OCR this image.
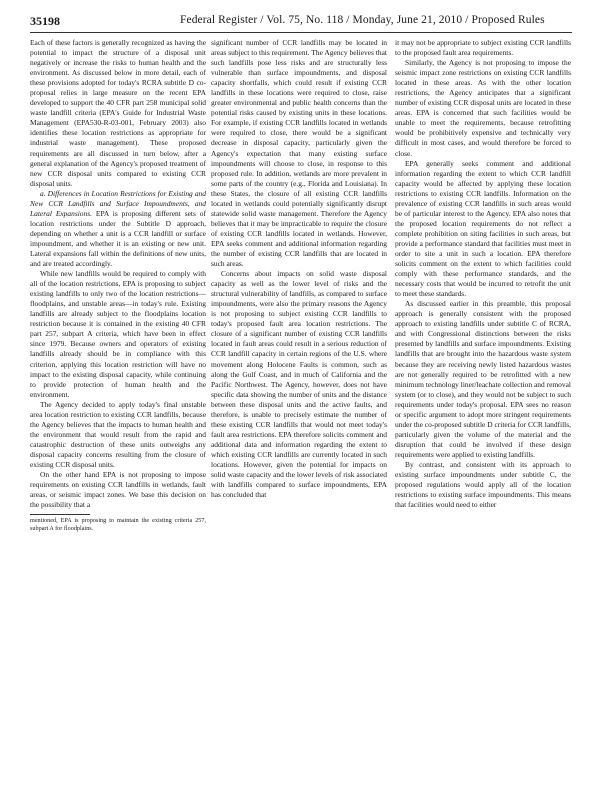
35198	Federal Register / Vol. 75, No. 118 / Monday, June 21, 2010 / Proposed Rules

Each of these factors is generally recognized as having the potential to impact the structure of a disposal unit negatively or increase the risks to human health and the environment. As discussed below in more detail, each of these provisions adopted for today's RCRA subtitle D co-proposal relies in large measure on the recent EPA developed to support the 40 CFR part 258 municipal solid waste landfill criteria (EPA's Guide for Industrial Waste Management (EPA530-R-03-001, February 2003) also identifies these location restrictions as appropriate for industrial waste management). These proposed requirements are all discussed in turn below, after a general explanation of the Agency's proposed treatment of new CCR disposal units compared to existing CCR disposal units.

a. Differences in Location Restrictions for Existing and New CCR Landfills and Surface Impoundments, and Lateral Expansions. EPA is proposing different sets of location restrictions under the Subtitle D approach, depending on whether a unit is a CCR landfill or surface impoundment, and whether it is an existing or new unit. Lateral expansions fall within the definitions of new units, and are treated accordingly.

While new landfills would be required to comply with all of the location restrictions, EPA is proposing to subject existing landfills to only two of the location restrictions—floodplains, and unstable areas—in today's rule. Existing landfills are already subject to the floodplains location restriction because it is contained in the existing 40 CFR part 257, subpart A criteria, which have been in effect since 1979. Because owners and operators of existing landfills already should be in compliance with this criterion, applying this location restriction will have no impact to the existing disposal capacity, while continuing to provide protection of human health and the environment.

The Agency decided to apply today's final unstable area location restriction to existing CCR landfills, because the Agency believes that the impacts to human health and the environment that would result from the rapid and catastrophic destruction of these units outweighs any disposal capacity concerns resulting from the closure of existing CCR disposal units.

On the other hand EPA is not proposing to impose requirements on existing CCR landfills in wetlands, fault areas, or seismic impact zones. We base this decision on the possibility that a

mentioned, EPA is proposing to maintain the existing criteria 257, subpart A for floodplains.

significant number of CCR landfills may be located in areas subject to this requirement. The Agency believes that such landfills pose less risks and are structurally less vulnerable than surface impoundments, and disposal capacity shortfalls, which could result if existing CCR landfills in these locations were required to close, raise greater environmental and public health concerns than the potential risks caused by existing units in these locations. For example, if existing CCR landfills located in wetlands were required to close, there would be a significant decrease in disposal capacity, particularly given the Agency's expectation that many existing surface impoundments will choose to close, in response to this proposed rule. In addition, wetlands are more prevalent in some parts of the country (e.g., Florida and Louisiana). In these States, the closure of all existing CCR landfills located in wetlands could potentially significantly disrupt statewide solid waste management. Therefore the Agency believes that it may be impracticable to require the closure of existing CCR landfills located in wetlands. However, EPA seeks comment and additional information regarding the number of existing CCR landfills that are located in such areas.

Concerns about impacts on solid waste disposal capacity as well as the lower level of risks and the structural vulnerability of landfills, as compared to surface impoundments, were also the primary reasons the Agency is not proposing to subject existing CCR landfills to today's proposed fault area location restrictions. The closure of a significant number of existing CCR landfills located in fault areas could result in a serious reduction of CCR landfill capacity in certain regions of the U.S. where movement along Holocene Faults is common, such as along the Gulf Coast, and in much of California and the Pacific Northwest. The Agency, however, does not have specific data showing the number of units and the distance between these disposal units and the active faults, and therefore, is unable to precisely estimate the number of these existing CCR landfills that would not meet today's fault area restrictions. EPA therefore solicits comment and additional data and information regarding the extent to which existing CCR landfills are currently located in such locations. However, given the potential for impacts on solid waste capacity and the lower levels of risk associated with landfills compared to surface impoundments, EPA has concluded that

it may not be appropriate to subject existing CCR landfills to the proposed fault area requirements.

Similarly, the Agency is not proposing to impose the seismic impact zone restrictions on existing CCR landfills located in these areas. As with the other location restrictions, the Agency anticipates that a significant number of existing CCR disposal units are located in these areas. EPA is concerned that such facilities would be unable to meet the requirements, because retrofitting would be prohibitively expensive and technically very difficult in most cases, and would therefore be forced to close.

EPA generally seeks comment and additional information regarding the extent to which CCR landfill capacity would be affected by applying these location restrictions to existing CCR landfills. Information on the prevalence of existing CCR landfills in such areas would be of particular interest to the Agency. EPA also notes that the proposed location requirements do not reflect a complete prohibition on siting facilities in such areas, but provide a performance standard that facilities must meet in order to site a unit in such a location. EPA therefore solicits comment on the extent to which facilities could comply with these performance standards, and the necessary costs that would be incurred to retrofit the unit to meet these standards.

As discussed earlier in this preamble, this proposal approach is generally consistent with the proposed approach to existing landfills under subtitle C of RCRA, and with Congressional distinctions between the risks presented by landfills and surface impoundments. Existing landfills that are brought into the hazardous waste system because they are receiving newly listed hazardous wastes are not generally required to be retrofitted with a new minimum technology liner/leachate collection and removal system (or to close), and they would not be subject to such requirements under today's proposal. EPA sees no reason or specific argument to adopt more stringent requirements under the co-proposed subtitle D criteria for CCR landfills, particularly given the volume of the material and the disruption that could be involved if these design requirements were applied to existing landfills.

By contrast, and consistent with its approach to existing surface impoundments under subtitle C, the proposed regulations would apply all of the location restrictions to existing surface impoundments. This means that facilities would need to either
